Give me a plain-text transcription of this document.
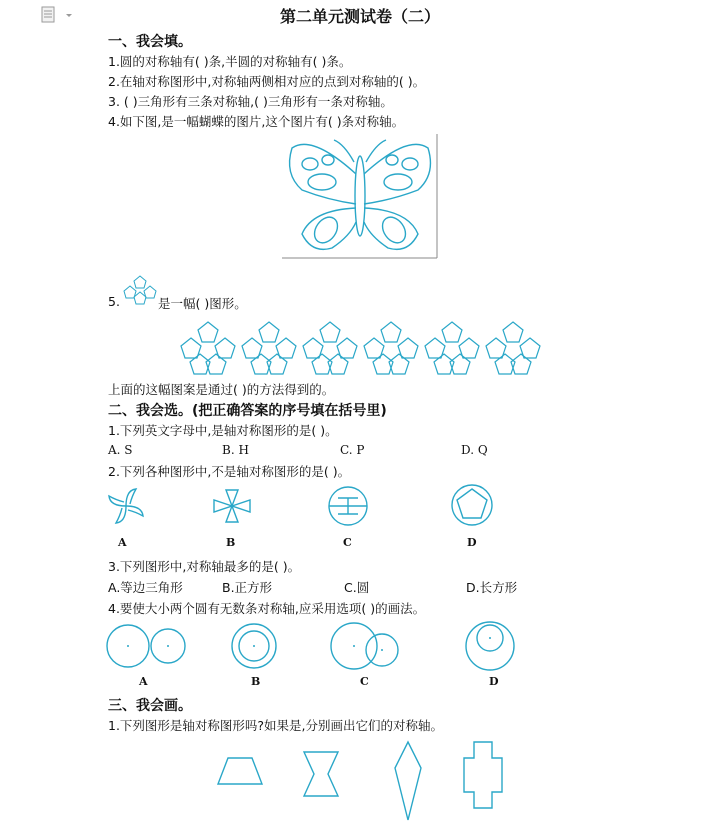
第二单元测试卷（二）
一、我会填。
1.圆的对称轴有( )条,半圆的对称轴有( )条。
2.在轴对称图形中,对称轴两侧相对应的点到对称轴的( )。
3. ( )三角形有三条对称轴,( )三角形有一条对称轴。
4.如下图,是一幅蝴蝶的图片,这个图片有( )条对称轴。
5.	是一幅( )图形。
上面的这幅图案是通过( )的方法得到的。
二、我会选。(把正确答案的序号填在括号里)
1.下列英文字母中,是轴对称图形的是( )。
A. S	B. H	C. P	D. Q
2.下列各种图形中,不是轴对称图形的是( )。
A	B	C	D
3.下列图形中,对称轴最多的是( )。
A.等边三角形	B.正方形	C.圆	D.长方形
4.要使大小两个圆有无数条对称轴,应采用选项( )的画法。
A	B	C	D
三、我会画。
1.下列图形是轴对称图形吗?如果是,分别画出它们的对称轴。
